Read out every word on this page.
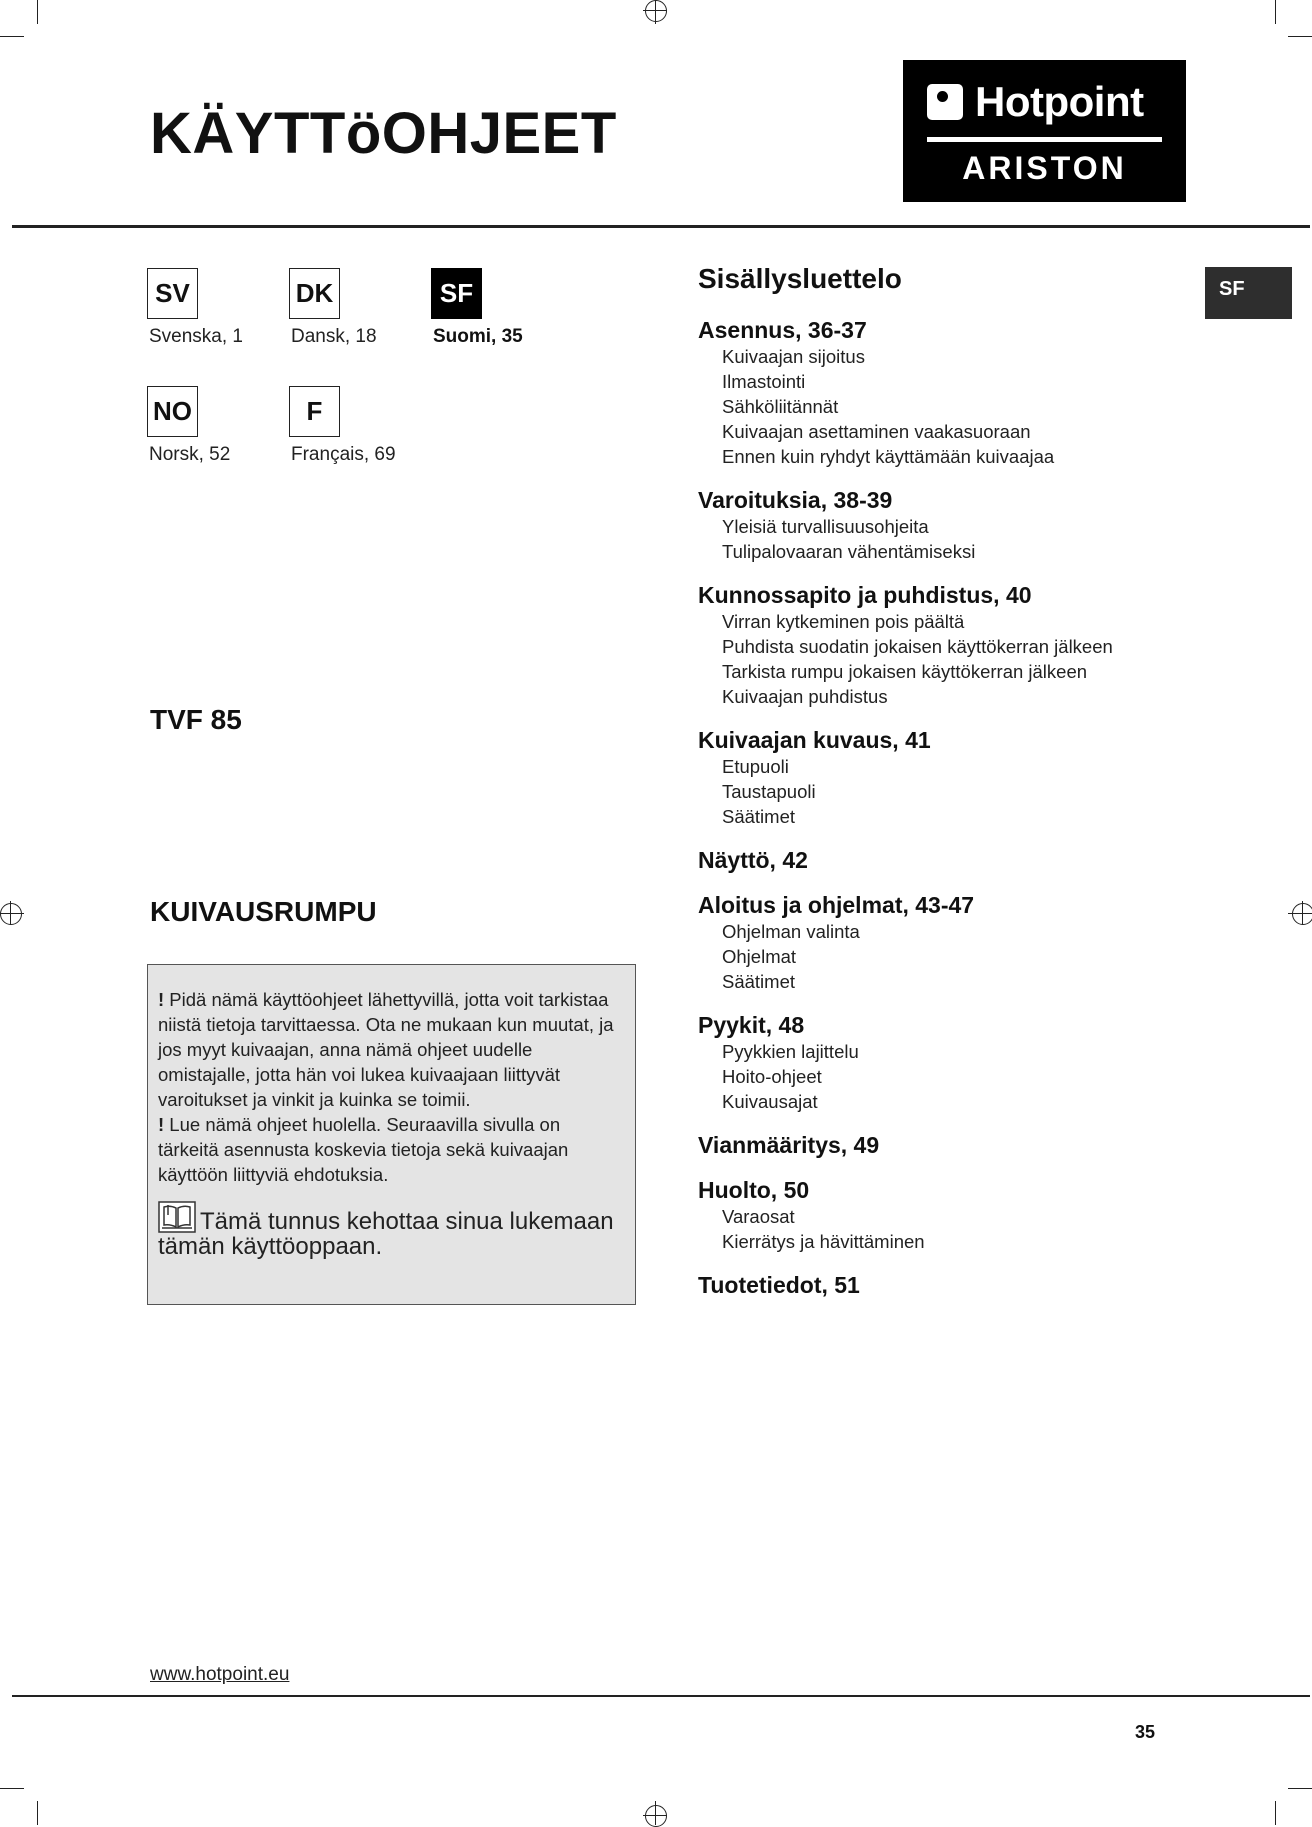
KÄYTTöOHJEET	Hotpoint
ARISTON
SV
Svenska, 1
DK
Dansk, 18
SF
Suomi, 35
NO
Norsk, 52
F
Français, 69
TVF 85
KUIVAUSRUMPU

! Pidä nämä käyttöohjeet lähettyvillä, jotta voit tarkistaa niistä tietoja tarvittaessa. Ota ne mukaan kun muutat, ja jos myyt kuivaajan, anna nämä ohjeet uudelle omistajalle, jotta hän voi lukea kuivaajaan liittyvät varoitukset ja vinkit ja kuinka se toimii.

! Lue nämä ohjeet huolella. Seuraavilla sivulla on tärkeitä asennusta koskevia tietoja sekä kuivaajan käyttöön liittyviä ehdotuksia.

Tämä tunnus kehottaa sinua lukemaan tämän käyttöoppaan.
Sisällysluettelo
Asennus, 36-37
Kuivaajan sijoitus
Ilmastointi
Sähköliitännät
Kuivaajan asettaminen vaakasuoraan
Ennen kuin ryhdyt käyttämään kuivaajaa
Varoituksia, 38-39
Yleisiä turvallisuusohjeita
Tulipalovaaran vähentämiseksi
Kunnossapito ja puhdistus, 40
Virran kytkeminen pois päältä
Puhdista suodatin jokaisen käyttökerran jälkeen
Tarkista rumpu jokaisen käyttökerran jälkeen
Kuivaajan puhdistus
Kuivaajan kuvaus, 41
Etupuoli
Taustapuoli
Säätimet
Näyttö, 42
Aloitus ja ohjelmat, 43-47
Ohjelman valinta
Ohjelmat
Säätimet
Pyykit, 48
Pyykkien lajittelu
Hoito-ohjeet
Kuivausajat
Vianmääritys, 49
Huolto, 50
Varaosat
Kierrätys ja hävittäminen
Tuotetiedot, 51
SF
www.hotpoint.eu
35
